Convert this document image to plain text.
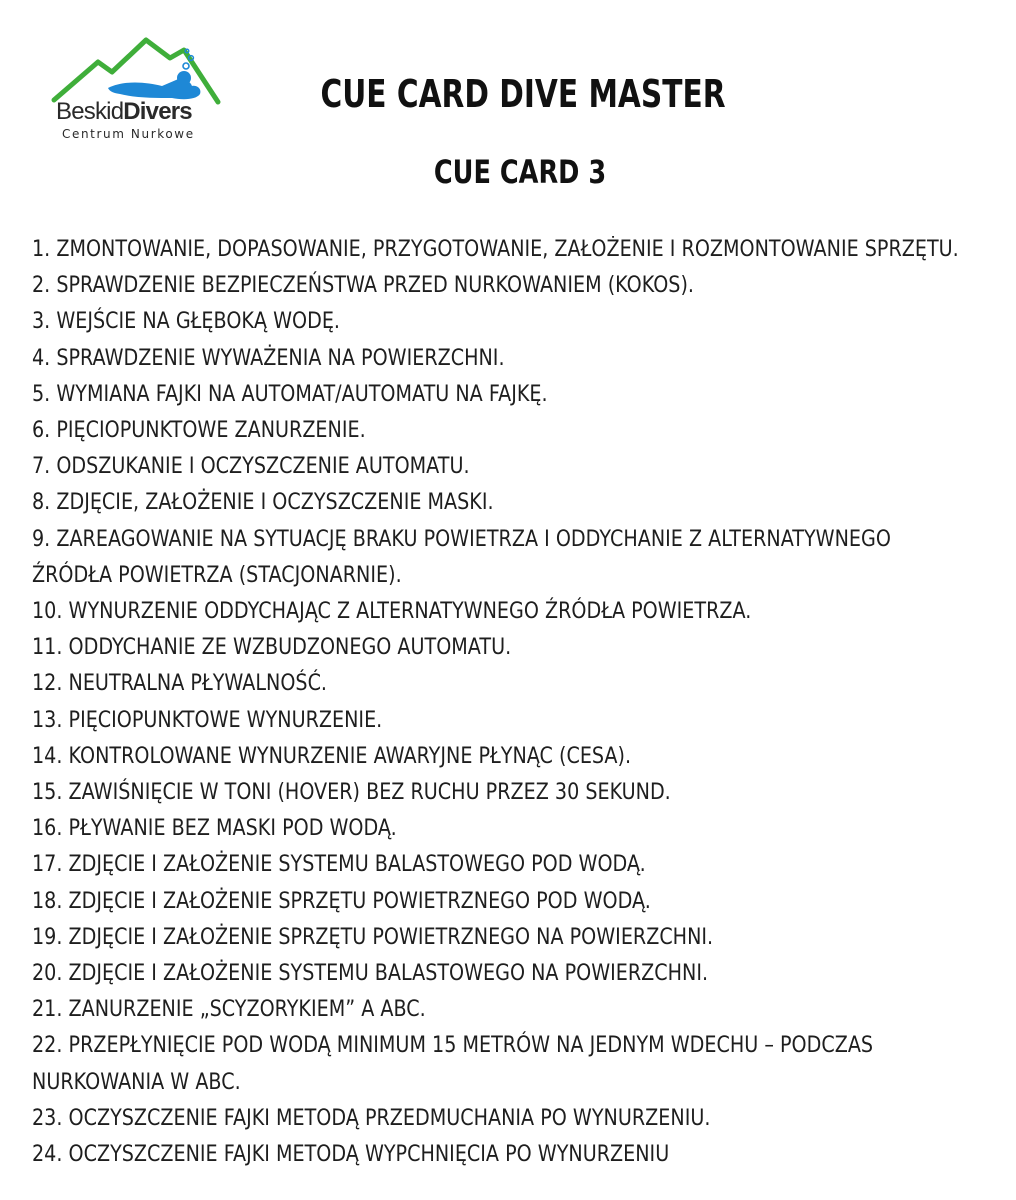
BeskidDivers
Centrum Nurkowe
CUE CARD DIVE MASTER
CUE CARD 3
1. ZMONTOWANIE, DOPASOWANIE, PRZYGOTOWANIE, ZAŁOŻENIE I ROZMONTOWANIE SPRZĘTU.
2. SPRAWDZENIE BEZPIECZEŃSTWA PRZED NURKOWANIEM (KOKOS).
3. WEJŚCIE NA GŁĘBOKĄ WODĘ.
4. SPRAWDZENIE WYWAŻENIA NA POWIERZCHNI.
5. WYMIANA FAJKI NA AUTOMAT/AUTOMATU NA FAJKĘ.
6. PIĘCIOPUNKTOWE ZANURZENIE.
7. ODSZUKANIE I OCZYSZCZENIE AUTOMATU.
8. ZDJĘCIE, ZAŁOŻENIE I OCZYSZCZENIE MASKI.
9. ZAREAGOWANIE NA SYTUACJĘ BRAKU POWIETRZA I ODDYCHANIE Z ALTERNATYWNEGO ŹRÓDŁA POWIETRZA (STACJONARNIE).
10. WYNURZENIE ODDYCHAJĄC Z ALTERNATYWNEGO ŹRÓDŁA POWIETRZA.
11. ODDYCHANIE ZE WZBUDZONEGO AUTOMATU.
12. NEUTRALNA PŁYWALNOŚĆ.
13. PIĘCIOPUNKTOWE WYNURZENIE.
14. KONTROLOWANE WYNURZENIE AWARYJNE PŁYNĄC (CESA).
15. ZAWIŚNIĘCIE W TONI (HOVER) BEZ RUCHU PRZEZ 30 SEKUND.
16. PŁYWANIE BEZ MASKI POD WODĄ.
17. ZDJĘCIE I ZAŁOŻENIE SYSTEMU BALASTOWEGO POD WODĄ.
18. ZDJĘCIE I ZAŁOŻENIE SPRZĘTU POWIETRZNEGO POD WODĄ.
19. ZDJĘCIE I ZAŁOŻENIE SPRZĘTU POWIETRZNEGO NA POWIERZCHNI.
20. ZDJĘCIE I ZAŁOŻENIE SYSTEMU BALASTOWEGO NA POWIERZCHNI.
21. ZANURZENIE „SCYZORYKIEM” A ABC.
22. PRZEPŁYNIĘCIE POD WODĄ MINIMUM 15 METRÓW NA JEDNYM WDECHU – PODCZAS NURKOWANIA W ABC.
23. OCZYSZCZENIE FAJKI METODĄ PRZEDMUCHANIA PO WYNURZENIU.
24. OCZYSZCZENIE FAJKI METODĄ WYPCHNIĘCIA PO WYNURZENIU
